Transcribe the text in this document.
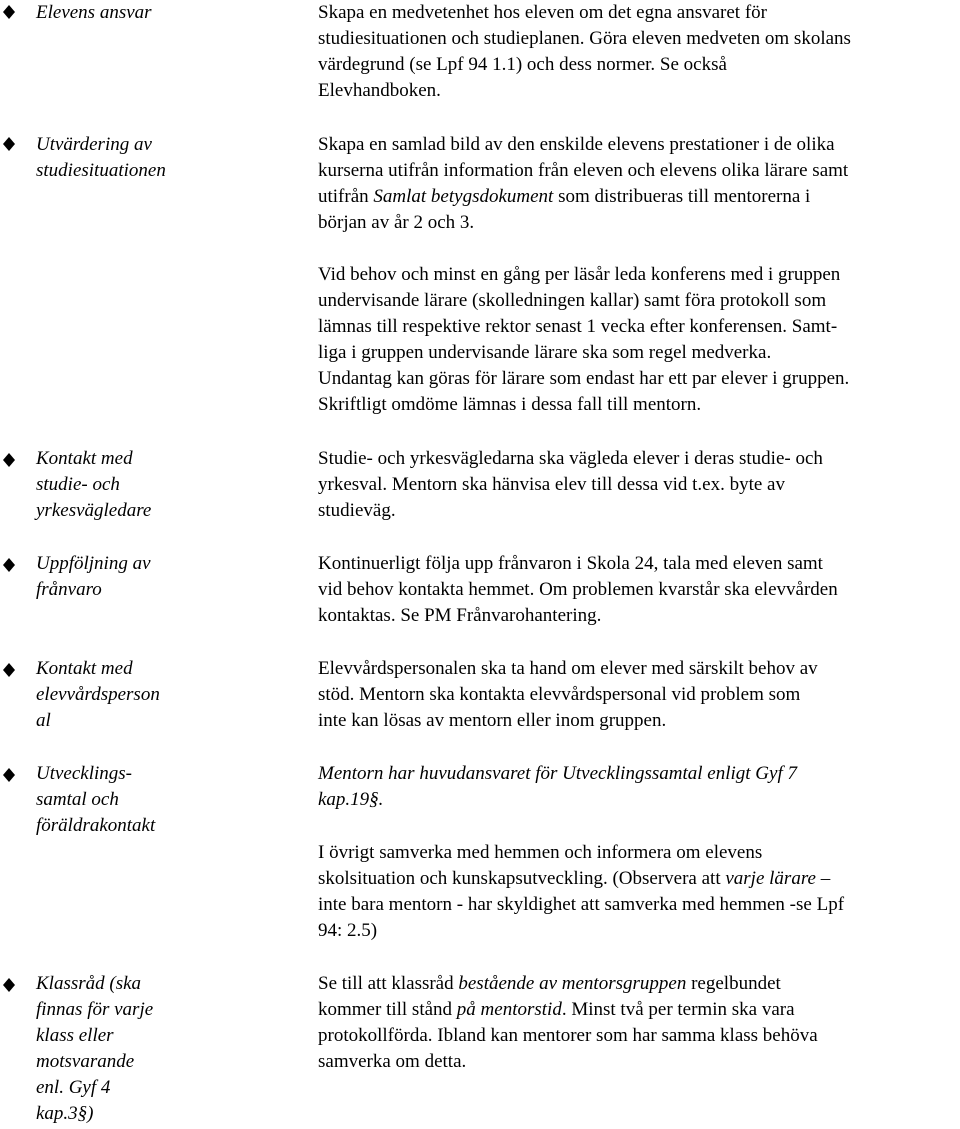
Elevens ansvar	Skapa en medvetenhet hos eleven om det egna ansvaret för
studiesituationen och studieplanen. Göra eleven medveten om skolans
värdegrund (se Lpf 94 1.1) och dess normer. Se också
Elevhandboken.
Utvärdering av
studiesituationen
Skapa en samlad bild av den enskilde elevens prestationer i de olika
kurserna utifrån information från eleven och elevens olika lärare samt
utifrån Samlat betygsdokument som distribueras till mentorerna i
början av år 2 och 3.
Vid behov och minst en gång per läsår leda konferens med i gruppen
undervisande lärare (skolledningen kallar) samt föra protokoll som
lämnas till respektive rektor senast 1 vecka efter konferensen. Samt-
liga i gruppen undervisande lärare ska som regel medverka.
Undantag kan göras för lärare som endast har ett par elever i gruppen.
Skriftligt omdöme lämnas i dessa fall till mentorn.
Kontakt med
studie- och
yrkesvägledare
Studie- och yrkesvägledarna ska vägleda elever i deras studie- och
yrkesval. Mentorn ska hänvisa elev till dessa vid t.ex. byte av
studieväg.
Uppföljning av
frånvaro
Kontinuerligt följa upp frånvaron i Skola 24, tala med eleven samt
vid behov kontakta hemmet. Om problemen kvarstår ska elevvården
kontaktas. Se PM Frånvarohantering.
Kontakt med
elevvårdsperson
al
Elevvårdspersonalen ska ta hand om elever med särskilt behov av
stöd. Mentorn ska kontakta elevvårdspersonal vid problem som
inte kan lösas av mentorn eller inom gruppen.
Utvecklings-
samtal och
föräldrakontakt
Mentorn har huvudansvaret för Utvecklingssamtal enligt Gyf 7
kap.19§.
I övrigt samverka med hemmen och informera om elevens
skolsituation och kunskapsutveckling. (Observera att varje lärare –
inte bara mentorn - har skyldighet att samverka med hemmen -se Lpf
94: 2.5)
Klassråd (ska
finnas för varje
klass eller
motsvarande
enl. Gyf 4
kap.3§)
Se till att klassråd bestående av mentorsgruppen regelbundet
kommer till stånd på mentorstid. Minst två per termin ska vara
protokollförda. Ibland kan mentorer som har samma klass behöva
samverka om detta.
